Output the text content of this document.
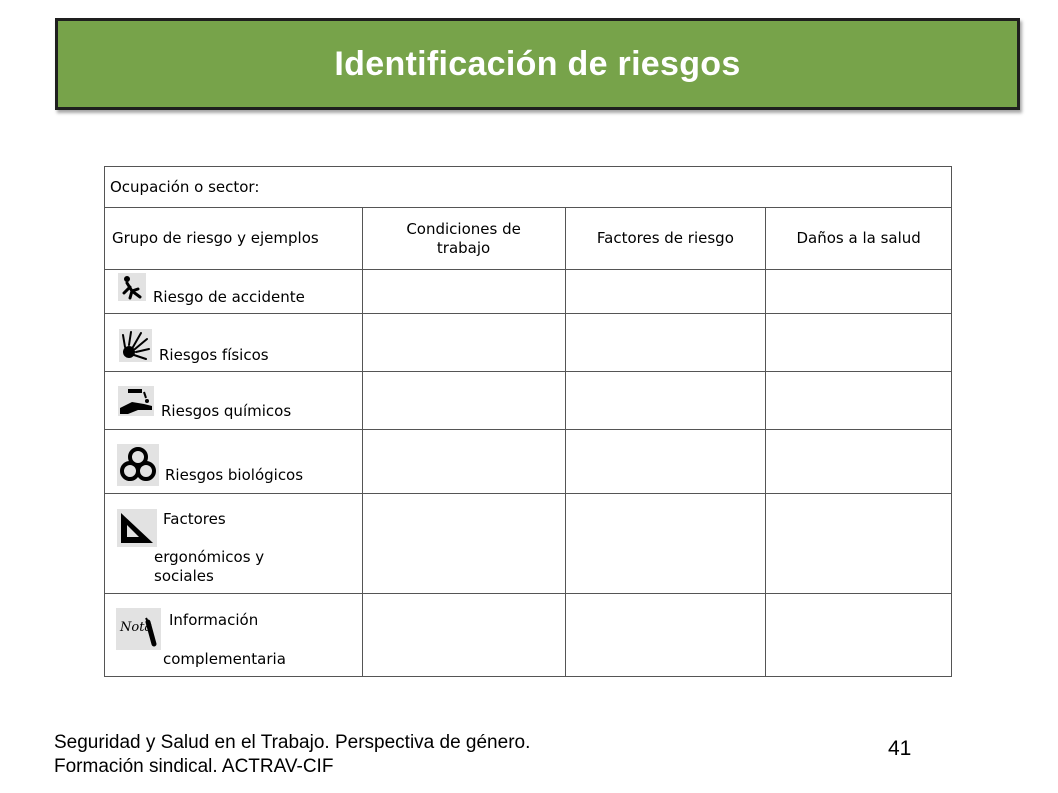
Identificación de riesgos
Ocupación o sector:			
Grupo de riesgo y ejemplos	Condiciones de trabajo	Factores de riesgo	Daños a la salud

Riesgo de accidente			

Riesgos físicos			

Riesgos químicos			

Riesgos biológicos			

Factores
ergonómicos y
sociales			

Nota Información
complementaria			

Seguridad y Salud en el Trabajo. Perspectiva de género.
Formación sindical. ACTRAV-CIF
41
